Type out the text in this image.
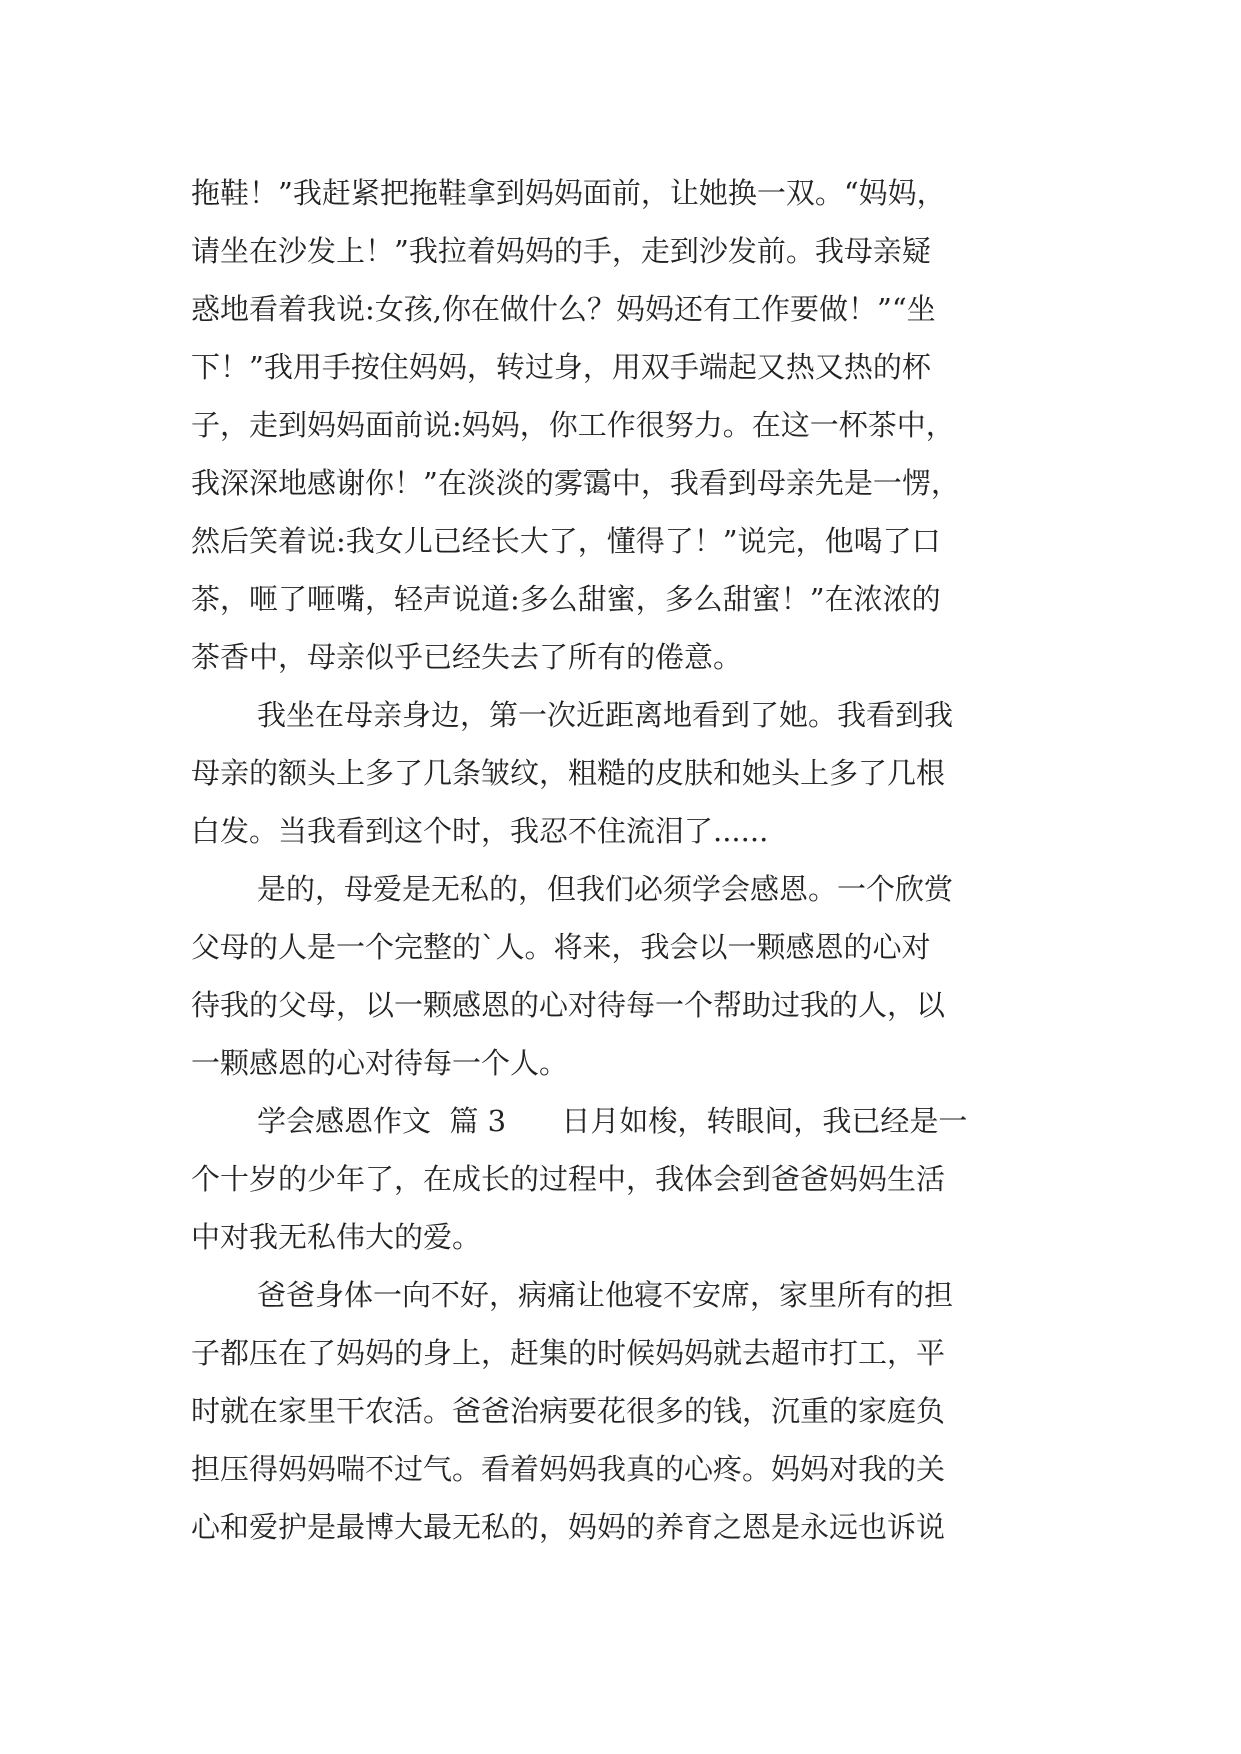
拖鞋！”我赶紧把拖鞋拿到妈妈面前，让她换一双。“妈妈，
请坐在沙发上！”我拉着妈妈的手，走到沙发前。我母亲疑
惑地看着我说:女孩,你在做什么？妈妈还有工作要做！”“坐
下！”我用手按住妈妈，转过身，用双手端起又热又热的杯
子，走到妈妈面前说:妈妈，你工作很努力。在这一杯茶中，
我深深地感谢你！”在淡淡的雾霭中，我看到母亲先是一愣，
然后笑着说:我女儿已经长大了，懂得了！”说完，他喝了口
茶，咂了咂嘴，轻声说道:多么甜蜜，多么甜蜜！”在浓浓的
茶香中，母亲似乎已经失去了所有的倦意。
我坐在母亲身边，第一次近距离地看到了她。我看到我
母亲的额头上多了几条皱纹，粗糙的皮肤和她头上多了几根
白发。当我看到这个时，我忍不住流泪了......
是的，母爱是无私的，但我们必须学会感恩。一个欣赏
父母的人是一个完整的`人。将来，我会以一颗感恩的心对
待我的父母，以一颗感恩的心对待每一个帮助过我的人，以
一颗感恩的心对待每一个人。
学会感恩作文  篇 3      日月如梭，转眼间，我已经是一
个十岁的少年了，在成长的过程中，我体会到爸爸妈妈生活
中对我无私伟大的爱。
爸爸身体一向不好，病痛让他寝不安席，家里所有的担
子都压在了妈妈的身上，赶集的时候妈妈就去超市打工，平
时就在家里干农活。爸爸治病要花很多的钱，沉重的家庭负
担压得妈妈喘不过气。看着妈妈我真的心疼。妈妈对我的关
心和爱护是最博大最无私的，妈妈的养育之恩是永远也诉说
